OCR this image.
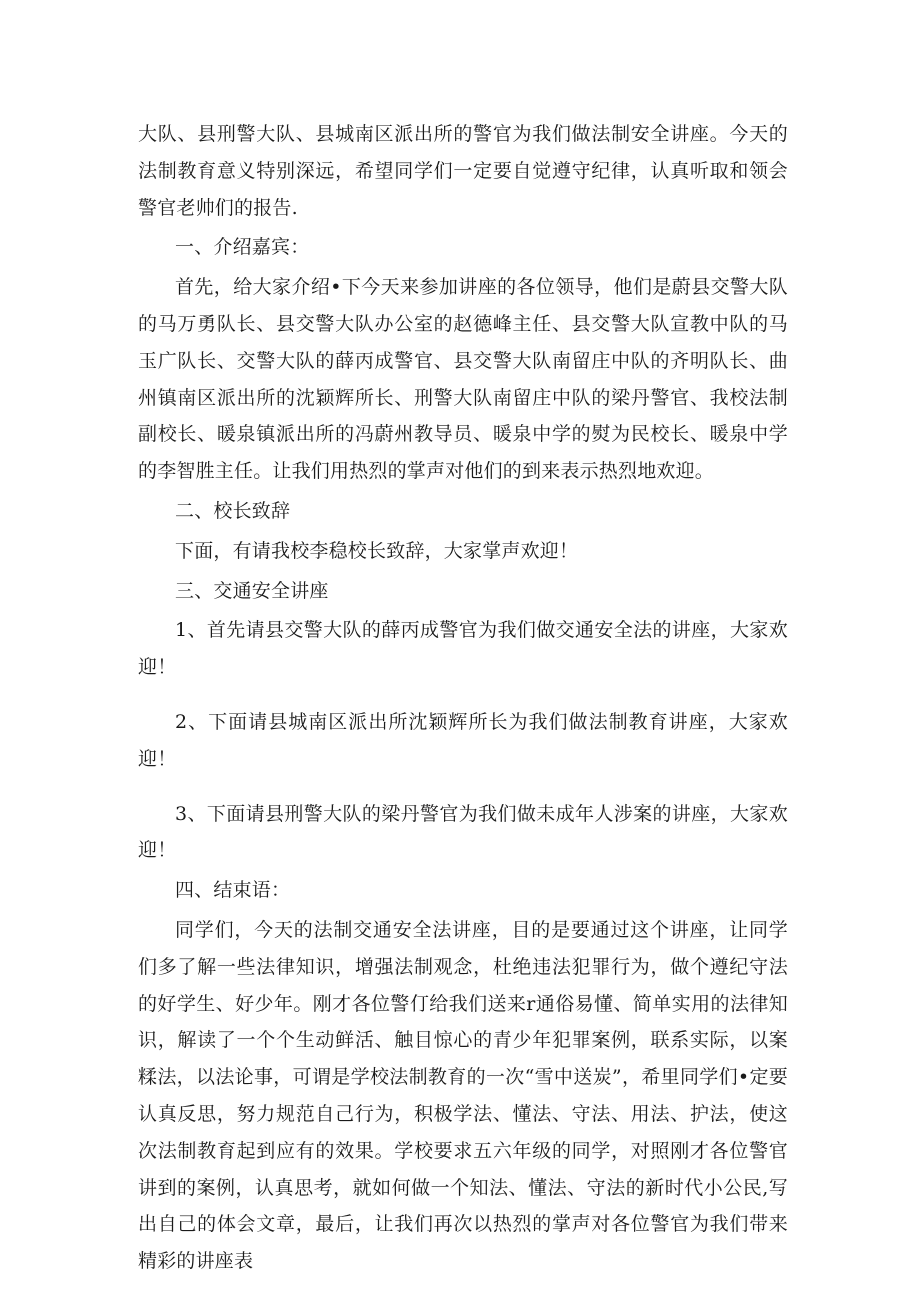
大队、县刑警大队、县城南区派出所的警官为我们做法制安全讲座。今天的法制教育意义特别深远，希望同学们一定要自觉遵守纪律，认真听取和领会警官老帅们的报告.

一、介绍嘉宾：

首先，给大家介绍•下今天来参加讲座的各位领导，他们是蔚县交警大队的马万勇队长、县交警大队办公室的赵德峰主任、县交警大队宣教中队的马玉广队长、交警大队的薛丙成警官、县交警大队南留庄中队的齐明队长、曲州镇南区派出所的沈颖辉所长、刑警大队南留庄中队的梁丹警官、我校法制副校长、暖泉镇派出所的冯蔚州教导员、暖泉中学的熨为民校长、暖泉中学的李智胜主任。让我们用热烈的掌声对他们的到来表示热烈地欢迎。

二、校长致辞

下面，有请我校李稳校长致辞，大家掌声欢迎！

三、交通安全讲座

1、首先请县交警大队的薛丙成警官为我们做交通安全法的讲座，大家欢迎！

2、下面请县城南区派出所沈颖辉所长为我们做法制教育讲座，大家欢迎！

3、下面请县刑警大队的梁丹警官为我们做未成年人涉案的讲座，大家欢迎！

四、结束语：

同学们，今天的法制交通安全法讲座，目的是要通过这个讲座，让同学们多了解一些法律知识，增强法制观念，杜绝违法犯罪行为，做个遵纪守法的好学生、好少年。刚才各位警仃给我们送来r通俗易懂、简单实用的法律知识，解读了一个个生动鲜活、触目惊心的青少年犯罪案例，联系实际，以案糅法，以法论事，可谓是学校法制教育的一次“雪中送炭”，希里同学们•定要认真反思，努力规范自己行为，积极学法、懂法、守法、用法、护法，使这次法制教育起到应有的效果。学校要求五六年级的同学，对照刚才各位警官讲到的案例，认真思考，就如何做一个知法、懂法、守法的新时代小公民,写出自己的体会文章，最后，让我们再次以热烈的掌声对各位警官为我们带来精彩的讲座表
